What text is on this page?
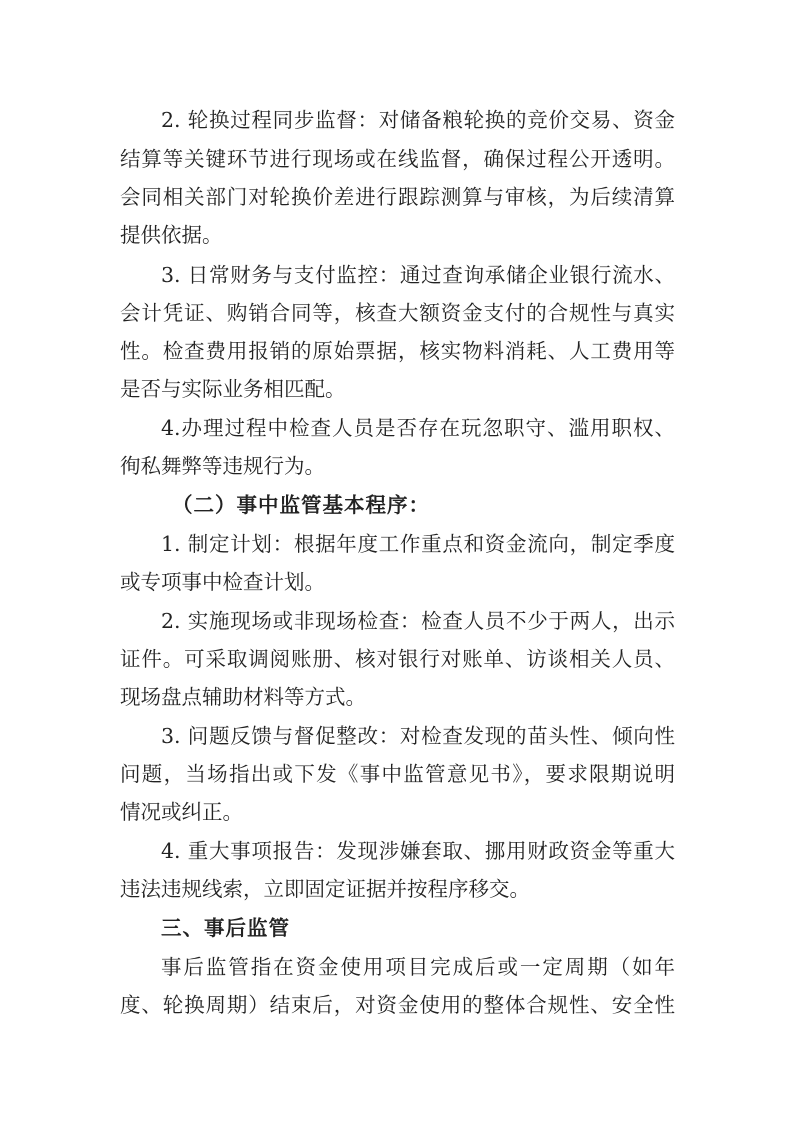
2. 轮换过程同步监督：对储备粮轮换的竞价交易、资金
结算等关键环节进行现场或在线监督，确保过程公开透明。
会同相关部门对轮换价差进行跟踪测算与审核，为后续清算
提供依据。
3. 日常财务与支付监控：通过查询承储企业银行流水、
会计凭证、购销合同等，核查大额资金支付的合规性与真实
性。检查费用报销的原始票据，核实物料消耗、人工费用等
是否与实际业务相匹配。
4.办理过程中检查人员是否存在玩忽职守、滥用职权、
徇私舞弊等违规行为。
（二）事中监管基本程序：
1. 制定计划：根据年度工作重点和资金流向，制定季度
或专项事中检查计划。
2. 实施现场或非现场检查：检查人员不少于两人，出示
证件。可采取调阅账册、核对银行对账单、访谈相关人员、
现场盘点辅助材料等方式。
3. 问题反馈与督促整改：对检查发现的苗头性、倾向性
问题，当场指出或下发《事中监管意见书》，要求限期说明
情况或纠正。
4. 重大事项报告：发现涉嫌套取、挪用财政资金等重大
违法违规线索，立即固定证据并按程序移交。
三、事后监管
事后监管指在资金使用项目完成后或一定周期（如年
度、轮换周期）结束后，对资金使用的整体合规性、安全性
